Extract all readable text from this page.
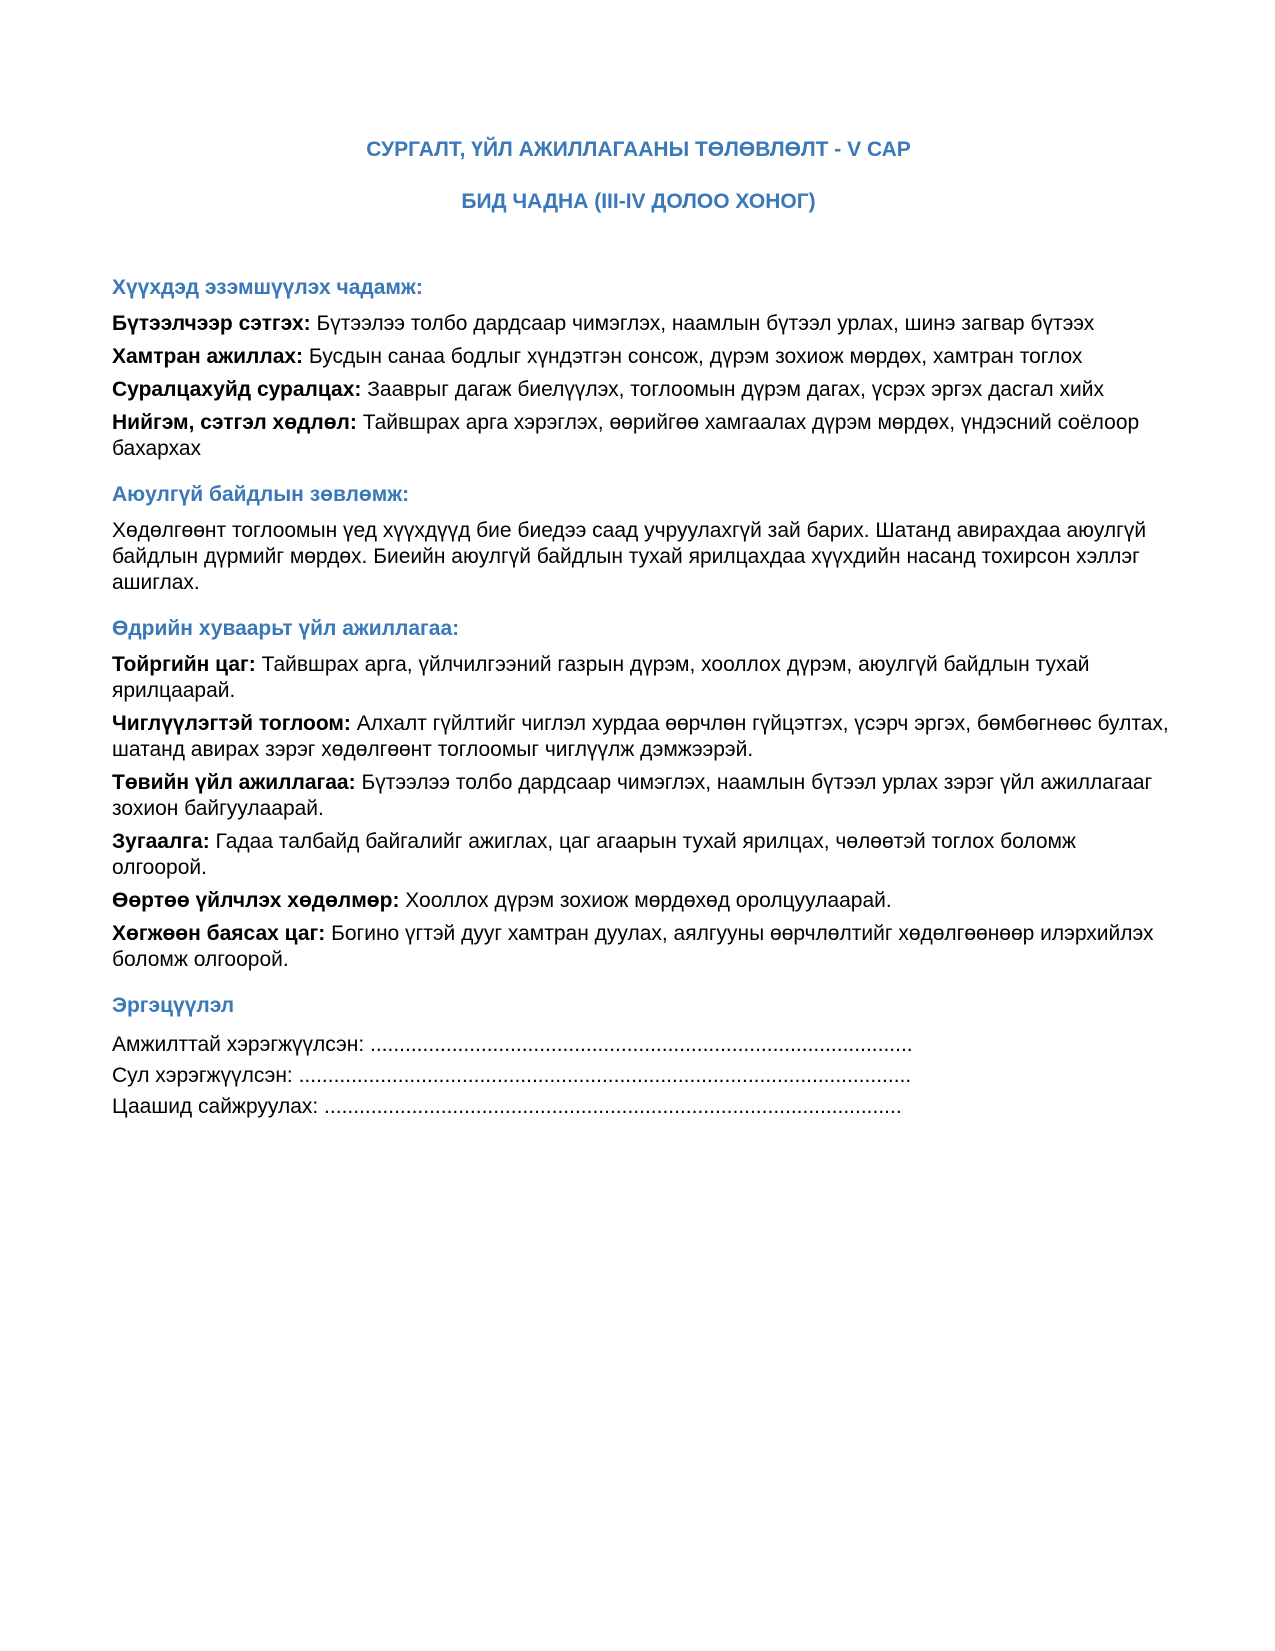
СУРГАЛТ, ҮЙЛ АЖИЛЛАГААНЫ ТӨЛӨВЛӨЛТ - V САР

БИД ЧАДНА (III-IV ДОЛОО ХОНОГ)

Хүүхдэд эзэмшүүлэх чадамж:

Бүтээлчээр сэтгэх: Бүтээлээ толбо дардсаар чимэглэх, наамлын бүтээл урлах, шинэ загвар бүтээх

Хамтран ажиллах: Бусдын санаа бодлыг хүндэтгэн сонсож, дүрэм зохиож мөрдөх, хамтран тоглох

Суралцахуйд суралцах: Зааврыг дагаж биелүүлэх, тоглоомын дүрэм дагах, үсрэх эргэх дасгал хийх

Нийгэм, сэтгэл хөдлөл: Тайвшрах арга хэрэглэх, өөрийгөө хамгаалах дүрэм мөрдөх, үндэсний соёлоор бахархах

Аюулгүй байдлын зөвлөмж:

Хөдөлгөөнт тоглоомын үед хүүхдүүд бие биедээ саад учруулахгүй зай барих. Шатанд авирахдаа аюулгүй байдлын дүрмийг мөрдөх. Биеийн аюулгүй байдлын тухай ярилцахдаа хүүхдийн насанд тохирсон хэллэг ашиглах.

Өдрийн хуваарьт үйл ажиллагаа:

Тойргийн цаг: Тайвшрах арга, үйлчилгээний газрын дүрэм, хооллох дүрэм, аюулгүй байдлын тухай ярилцаарай.

Чиглүүлэгтэй тоглоом: Алхалт гүйлтийг чиглэл хурдаа өөрчлөн гүйцэтгэх, үсэрч эргэх, бөмбөгнөөс бултах, шатанд авирах зэрэг хөдөлгөөнт тоглоомыг чиглүүлж дэмжээрэй.

Төвийн үйл ажиллагаа: Бүтээлээ толбо дардсаар чимэглэх, наамлын бүтээл урлах зэрэг үйл ажиллагааг зохион байгуулаарай.

Зугаалга: Гадаа талбайд байгалийг ажиглах, цаг агаарын тухай ярилцах, чөлөөтэй тоглох боломж олгоорой.

Өөртөө үйлчлэх хөдөлмөр: Хооллох дүрэм зохиож мөрдөхөд оролцуулаарай.

Хөгжөөн баясах цаг: Богино үгтэй дууг хамтран дуулах, аялгууны өөрчлөлтийг хөдөлгөөнөөр илэрхийлэх боломж олгоорой.

Эргэцүүлэл

Амжилттай хэрэгжүүлсэн: .............................................................................................

Сул хэрэгжүүлсэн: .........................................................................................................

Цаашид сайжруулах: ...................................................................................................
